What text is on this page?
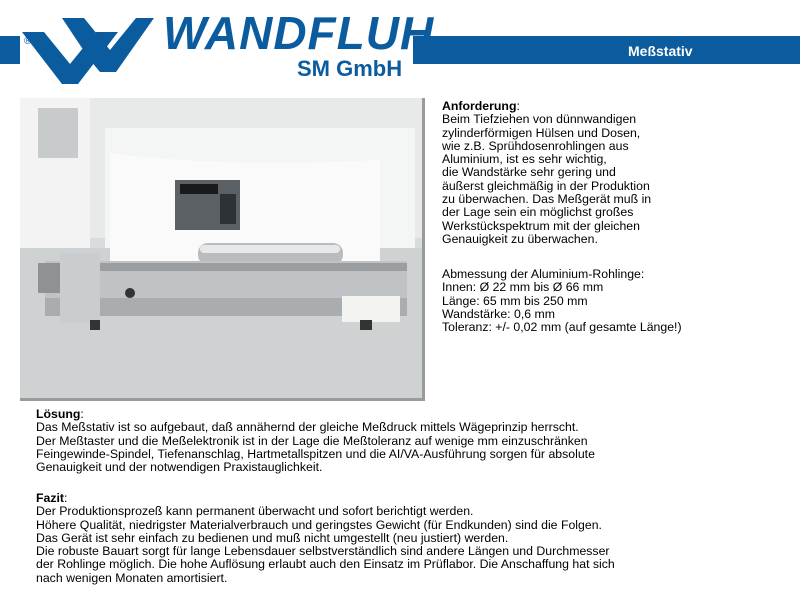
Meßstativ
®	WANDFLUH
SM GmbH
Anforderung:
Beim Tiefziehen von dünnwandigen
zylinderförmigen Hülsen und Dosen,
wie z.B. Sprühdosenrohlingen aus
Aluminium, ist es sehr wichtig,
die Wandstärke sehr gering und
äußerst gleichmäßig in der Produktion
zu überwachen. Das Meßgerät muß in
der Lage sein ein möglichst großes
Werkstückspektrum mit der gleichen
Genauigkeit zu überwachen.
Abmessung der Aluminium-Rohlinge:
Innen: Ø 22 mm bis Ø 66 mm
Länge: 65 mm bis 250 mm
Wandstärke: 0,6 mm
Toleranz: +/- 0,02 mm (auf gesamte Länge!)
Lösung:
Das Meßstativ ist so aufgebaut, daß annähernd der gleiche Meßdruck mittels Wägeprinzip herrscht.
Der Meßtaster und die Meßelektronik ist in der Lage die Meßtoleranz auf wenige mm einzuschränken
Feingewinde-Spindel, Tiefenanschlag, Hartmetallspitzen und die AI/VA-Ausführung sorgen für absolute
Genauigkeit und der notwendigen Praxistauglichkeit.
Fazit:
Der Produktionsprozeß kann permanent überwacht und sofort berichtigt werden.
Höhere Qualität, niedrigster Materialverbrauch und geringstes Gewicht (für Endkunden) sind die Folgen.
Das Gerät ist sehr einfach zu bedienen und muß nicht umgestellt (neu justiert) werden.
Die robuste Bauart sorgt für lange Lebensdauer selbstverständlich sind andere Längen und Durchmesser
der Rohlinge möglich. Die hohe Auflösung erlaubt auch den Einsatz im Prüflabor. Die Anschaffung hat sich
nach wenigen Monaten amortisiert.
